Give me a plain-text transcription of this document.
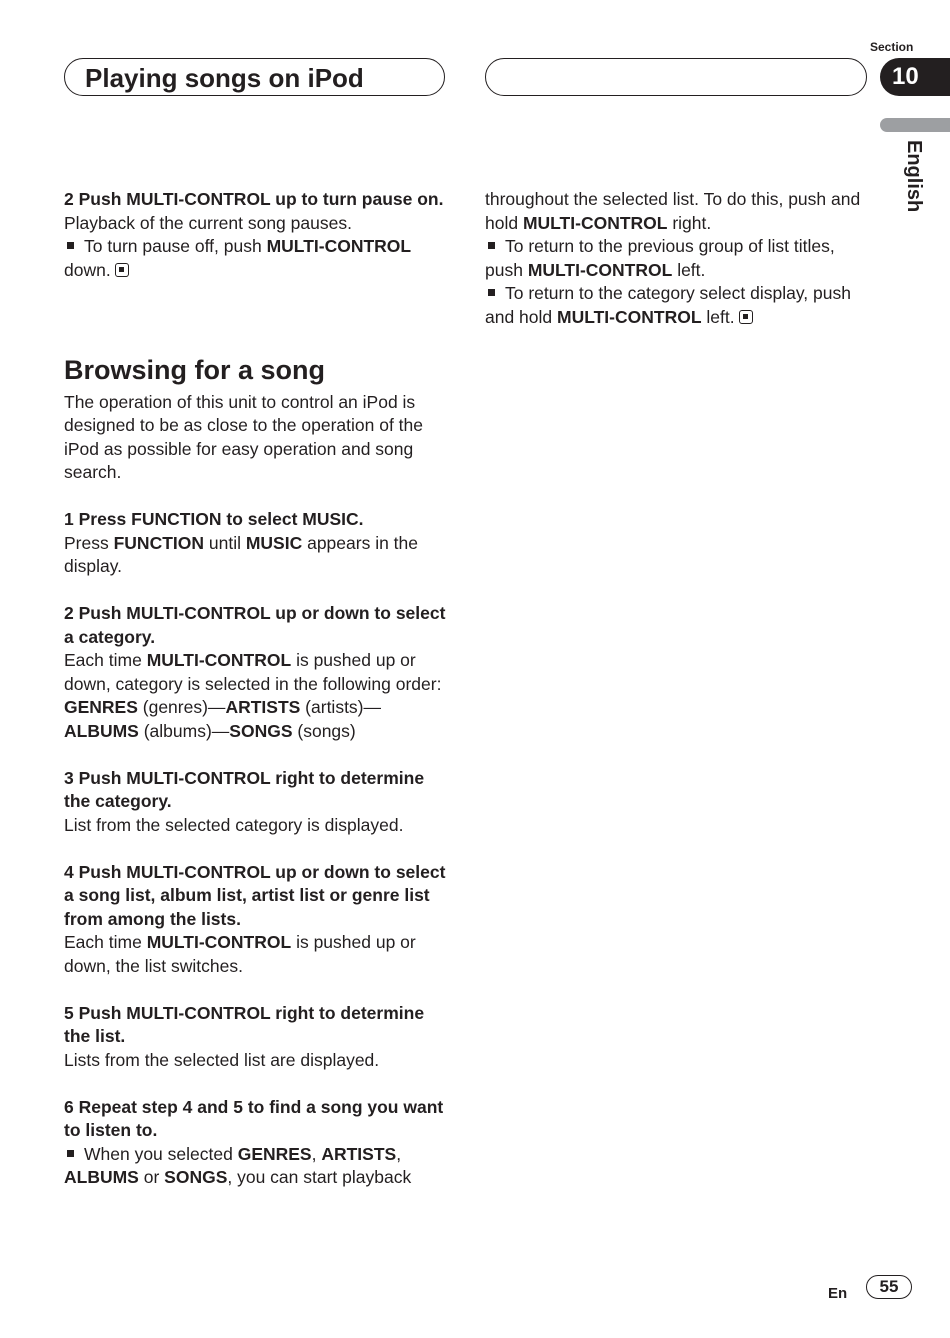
Playing songs on iPod
Section
10
English

2 Push MULTI-CONTROL up to turn pause on.

Playback of the current song pauses.

To turn pause off, push MULTI-CONTROL down.

Browsing for a song

The operation of this unit to control an iPod is designed to be as close to the operation of the iPod as possible for easy operation and song search.

1 Press FUNCTION to select MUSIC.

Press FUNCTION until MUSIC appears in the display.

2 Push MULTI-CONTROL up or down to select a category.

Each time MULTI-CONTROL is pushed up or down, category is selected in the following order:

GENRES (genres)—ARTISTS (artists)—ALBUMS (albums)—SONGS (songs)

3 Push MULTI-CONTROL right to determine the category.

List from the selected category is displayed.

4 Push MULTI-CONTROL up or down to select a song list, album list, artist list or genre list from among the lists.

Each time MULTI-CONTROL is pushed up or down, the list switches.

5 Push MULTI-CONTROL right to determine the list.

Lists from the selected list are displayed.

6 Repeat step 4 and 5 to find a song you want to listen to.

When you selected GENRES, ARTISTS, ALBUMS or SONGS, you can start playback

throughout the selected list. To do this, push and hold MULTI-CONTROL right.

To return to the previous group of list titles, push MULTI-CONTROL left.

To return to the category select display, push and hold MULTI-CONTROL left.

En	55
